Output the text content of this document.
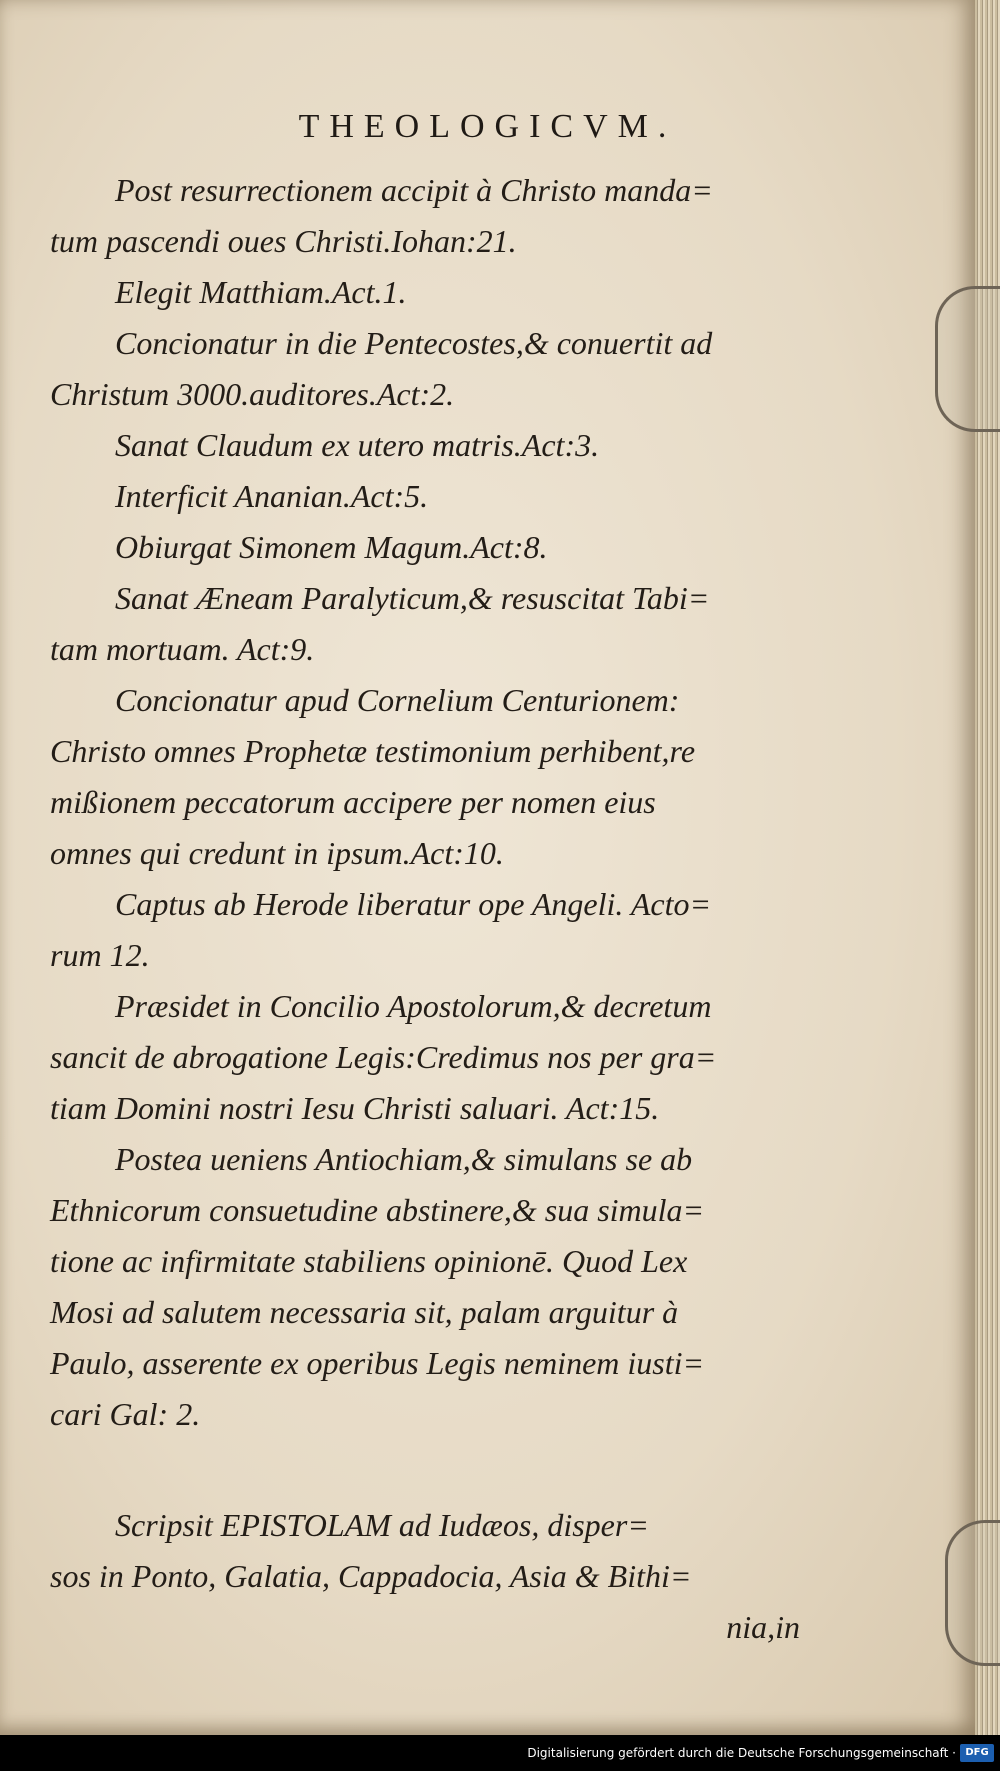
THEOLOGICVM.
Post resurrectionem accipit à Christo manda=
tum pascendi oues Christi.Iohan:21.
Elegit Matthiam.Act.1.
Concionatur in die Pentecostes,& conuertit ad
Christum 3000.auditores.Act:2.
Sanat Claudum ex utero matris.Act:3.
Interficit Ananian.Act:5.
Obiurgat Simonem Magum.Act:8.
Sanat Æneam Paralyticum,& resuscitat Tabi=
tam mortuam. Act:9.
Concionatur apud Cornelium Centurionem:
Christo omnes Prophetæ testimonium perhibent,re
mißionem peccatorum accipere per nomen eius
omnes qui credunt in ipsum.Act:10.
Captus ab Herode liberatur ope Angeli. Acto=
rum 12.
Præsidet in Concilio Apostolorum,& decretum
sancit de abrogatione Legis:Credimus nos per gra=
tiam Domini nostri Iesu Christi saluari. Act:15.
Postea ueniens Antiochiam,& simulans se ab
Ethnicorum consuetudine abstinere,& sua simula=
tione ac infirmitate stabiliens opinionē. Quod Lex
Mosi ad salutem necessaria sit, palam arguitur à
Paulo, asserente ex operibus Legis neminem iusti=
cari Gal: 2.
Scripsit EPISTOLAM ad Iudæos, disper=
sos in Ponto, Galatia, Cappadocia, Asia & Bithi=
nia,in
Digitalisierung gefördert durch die Deutsche Forschungsgemeinschaft · DFG
